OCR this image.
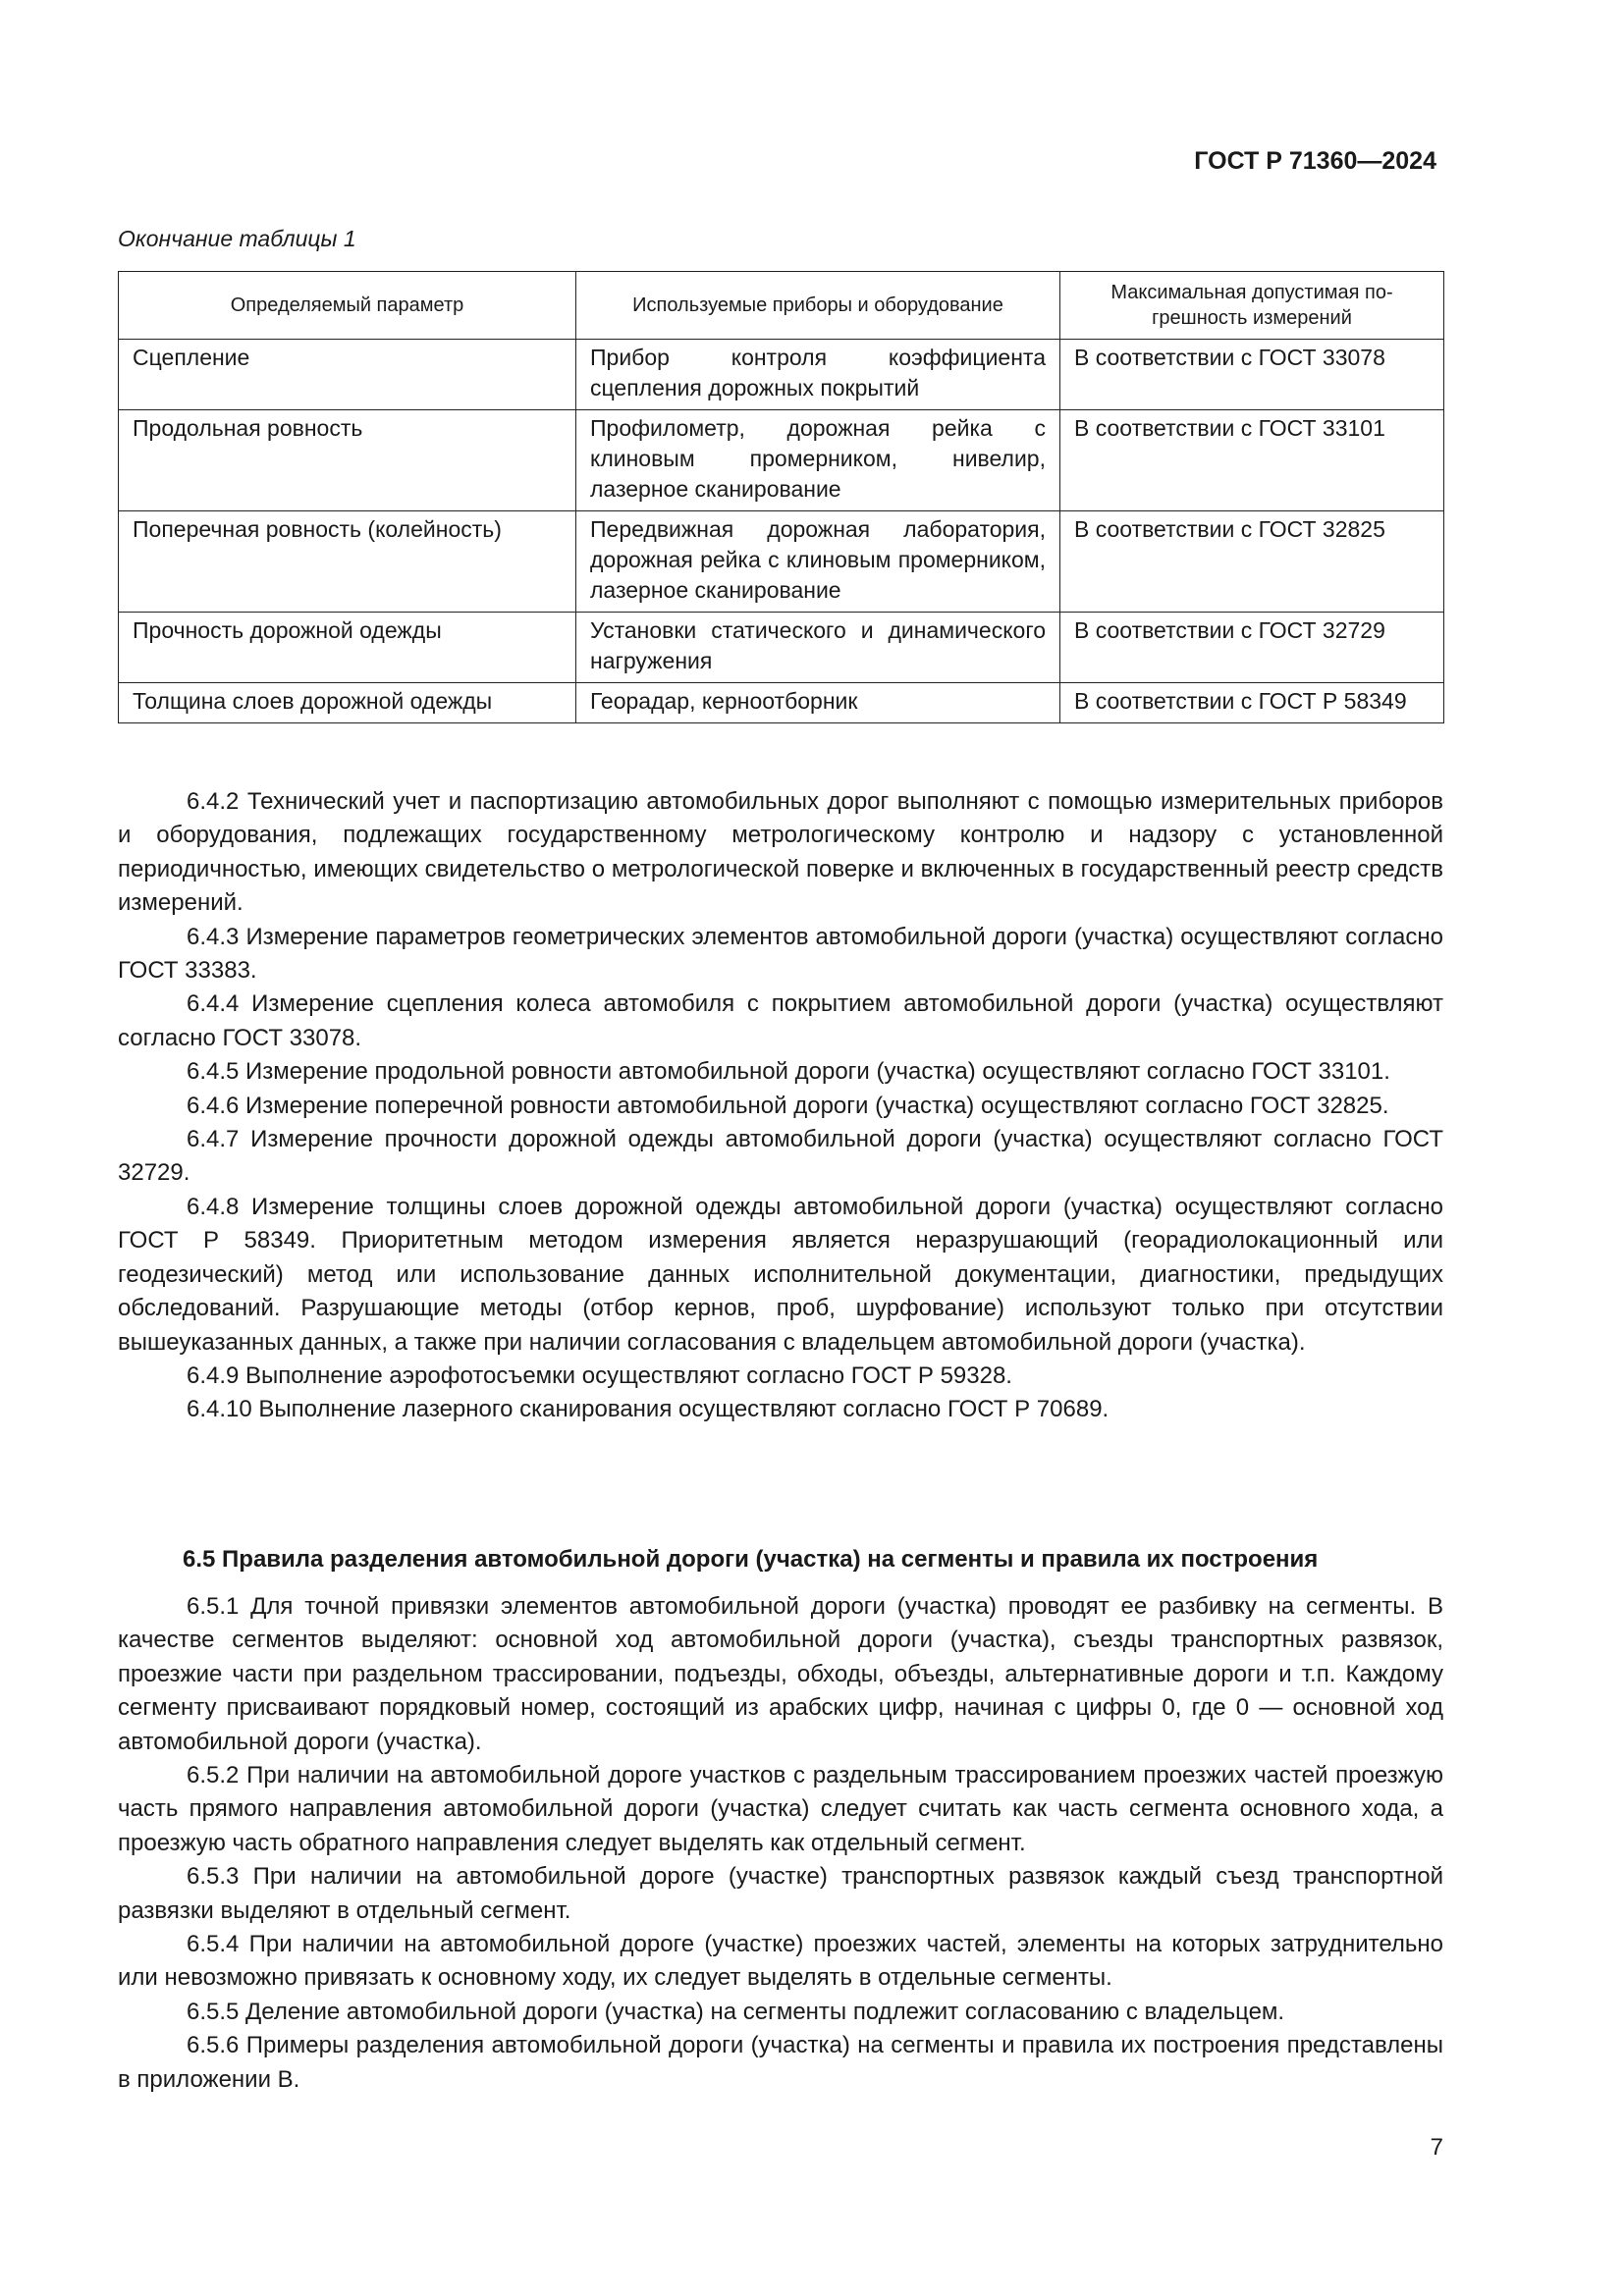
ГОСТ Р 71360—2024
Окончание таблицы 1
Определяемый параметр	Используемые приборы и оборудование	Максимальная допустимая по-грешность измерений
Сцепление	Прибор контроля коэффициента сцепления дорожных покрытий	В соответствии с ГОСТ 33078
Продольная ровность	Профилометр, дорожная рейка с клиновым промерником, нивелир, лазерное сканирование	В соответствии с ГОСТ 33101
Поперечная ровность (колейность)	Передвижная дорожная лаборатория, дорожная рейка с клиновым промерником, лазерное сканирование	В соответствии с ГОСТ 32825
Прочность дорожной одежды	Установки статического и динамического нагружения	В соответствии с ГОСТ 32729
Толщина слоев дорожной одежды	Георадар, керноотборник	В соответствии с ГОСТ Р 58349

6.4.2 Технический учет и паспортизацию автомобильных дорог выполняют с помощью измерительных приборов и оборудования, подлежащих государственному метрологическому контролю и надзору с установленной периодичностью, имеющих свидетельство о метрологической поверке и включенных в государственный реестр средств измерений.

6.4.3 Измерение параметров геометрических элементов автомобильной дороги (участка) осуществляют согласно ГОСТ 33383.

6.4.4 Измерение сцепления колеса автомобиля с покрытием автомобильной дороги (участка) осуществляют согласно ГОСТ 33078.

6.4.5 Измерение продольной ровности автомобильной дороги (участка) осуществляют согласно ГОСТ 33101.

6.4.6 Измерение поперечной ровности автомобильной дороги (участка) осуществляют согласно ГОСТ 32825.

6.4.7 Измерение прочности дорожной одежды автомобильной дороги (участка) осуществляют согласно ГОСТ 32729.

6.4.8 Измерение толщины слоев дорожной одежды автомобильной дороги (участка) осуществляют согласно ГОСТ Р 58349. Приоритетным методом измерения является неразрушающий (георадиолокационный или геодезический) метод или использование данных исполнительной документации, диагностики, предыдущих обследований. Разрушающие методы (отбор кернов, проб, шурфование) используют только при отсутствии вышеуказанных данных, а также при наличии согласования с владельцем автомобильной дороги (участка).

6.4.9 Выполнение аэрофотосъемки осуществляют согласно ГОСТ Р 59328.

6.4.10 Выполнение лазерного сканирования осуществляют согласно ГОСТ Р 70689.

6.5 Правила разделения автомобильной дороги (участка) на сегменты и правила их построения

6.5.1 Для точной привязки элементов автомобильной дороги (участка) проводят ее разбивку на сегменты. В качестве сегментов выделяют: основной ход автомобильной дороги (участка), съезды транспортных развязок, проезжие части при раздельном трассировании, подъезды, обходы, объезды, альтернативные дороги и т.п. Каждому сегменту присваивают порядковый номер, состоящий из арабских цифр, начиная с цифры 0, где 0 — основной ход автомобильной дороги (участка).

6.5.2 При наличии на автомобильной дороге участков с раздельным трассированием проезжих частей проезжую часть прямого направления автомобильной дороги (участка) следует считать как часть сегмента основного хода, а проезжую часть обратного направления следует выделять как отдельный сегмент.

6.5.3 При наличии на автомобильной дороге (участке) транспортных развязок каждый съезд транспортной развязки выделяют в отдельный сегмент.

6.5.4 При наличии на автомобильной дороге (участке) проезжих частей, элементы на которых затруднительно или невозможно привязать к основному ходу, их следует выделять в отдельные сегменты.

6.5.5 Деление автомобильной дороги (участка) на сегменты подлежит согласованию с владельцем.

6.5.6 Примеры разделения автомобильной дороги (участка) на сегменты и правила их построения представлены в приложении В.

7
